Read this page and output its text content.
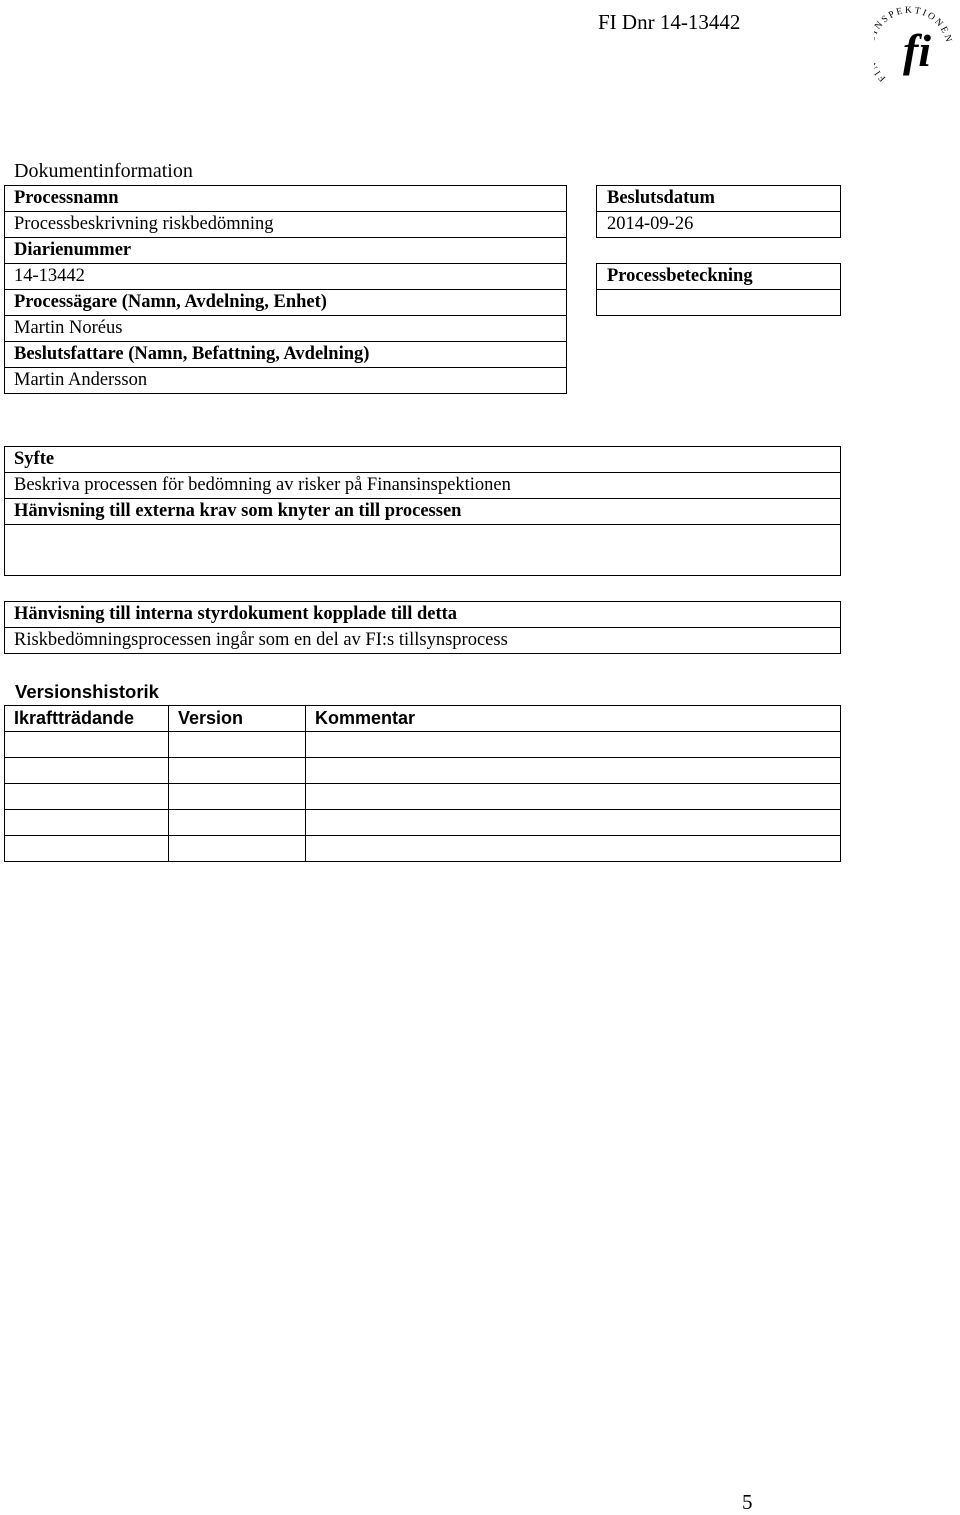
FI Dnr 14-13442
F NSPEKTIONEN
fi
Dokumentinformation
Processnamn
Processbeskrivning riskbedömning
Diarienummer
14-13442
Processägare (Namn, Avdelning, Enhet)
Martin Noréus
Beslutsfattare (Namn, Befattning, Avdelning)
Martin Andersson
Beslutsdatum
2014-09-26

Processbeteckning

Syfte
Beskriva processen för bedömning av risker på Finansinspektionen
Hänvisning till externa krav som knyter an till processen

Hänvisning till interna styrdokument kopplade till detta
Riskbedömningsprocessen ingår som en del av FI:s tillsynsprocess
Versionshistorik
Ikraftträdande	Version	Kommentar

5
